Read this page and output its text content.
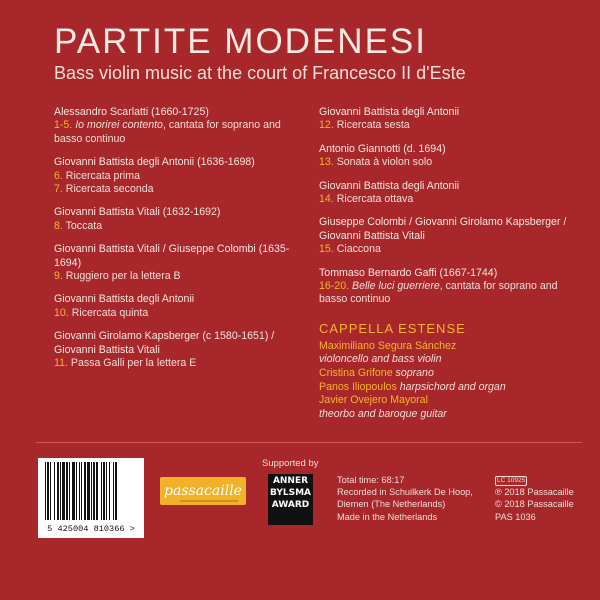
PARTITE MODENESI
Bass violin music at the court of Francesco II d'Este
Alessandro Scarlatti (1660-1725)
1-5. Io morirei contento, cantata for soprano and basso continuo
Giovanni Battista degli Antonii (1636-1698)
6. Ricercata prima
7. Ricercata seconda
Giovanni Battista Vitali (1632-1692)
8. Toccata
Giovanni Battista Vitali / Giuseppe Colombi (1635-1694)
9. Ruggiero per la lettera B
Giovanni Battista degli Antonii
10. Ricercata quinta
Giovanni Girolamo Kapsberger (c 1580-1651) / Giovanni Battista Vitali
11. Passa Galli per la lettera E
Giovanni Battista degli Antonii
12. Ricercata sesta
Antonio Giannotti (d. 1694)
13. Sonata à violon solo
Giovanni Battista degli Antonii
14. Ricercata ottava
Giuseppe Colombi / Giovanni Girolamo Kapsberger / Giovanni Battista Vitali
15. Ciaccona
Tommaso Bernardo Gaffi (1667-1744)
16-20. Belle luci guerriere, cantata for soprano and basso continuo
CAPPELLA ESTENSE
Maximiliano Segura Sánchez
violoncello and bass violin
Cristina Grifone soprano
Panos Iliopoulos harpsichord and organ
Javier Ovejero Mayoral
theorbo and baroque guitar
5 425004 810366 >
passacaille
Supported by
ANNER
BYLSMA
AWARD
Total time: 68:17
Recorded in Schuilkerk De Hoop,
Diemen (The Netherlands)
Made in the Netherlands
LC 10925
℗ 2018 Passacaille
© 2018 Passacaille
PAS 1036
